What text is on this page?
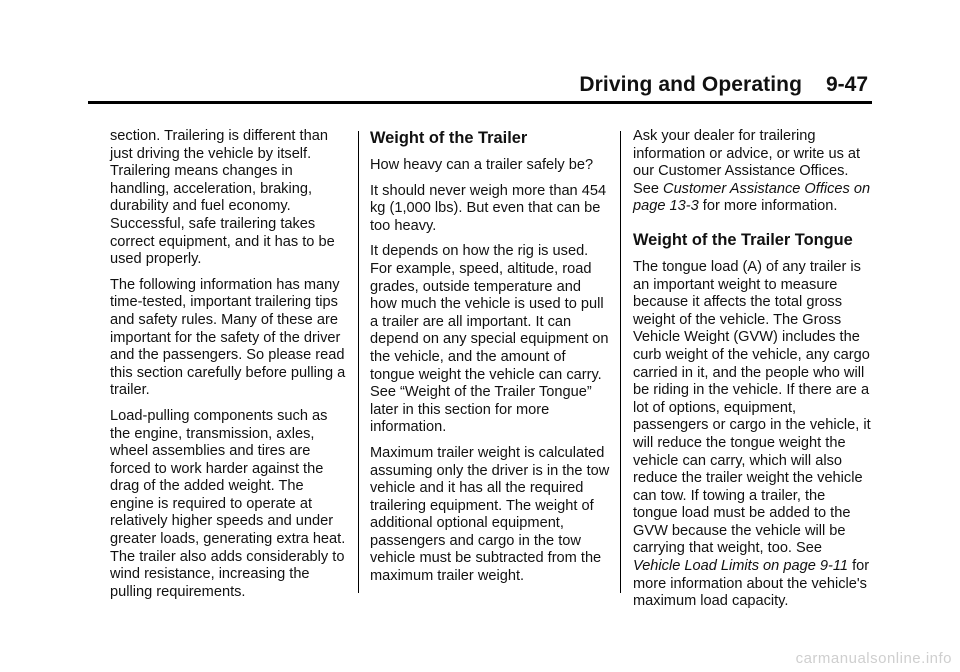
Driving and Operating 9-47

section. Trailering is different than just driving the vehicle by itself. Trailering means changes in handling, acceleration, braking, durability and fuel economy. Successful, safe trailering takes correct equipment, and it has to be used properly.

The following information has many time-tested, important trailering tips and safety rules. Many of these are important for the safety of the driver and the passengers. So please read this section carefully before pulling a trailer.

Load-pulling components such as the engine, transmission, axles, wheel assemblies and tires are forced to work harder against the drag of the added weight. The engine is required to operate at relatively higher speeds and under greater loads, generating extra heat. The trailer also adds considerably to wind resistance, increasing the pulling requirements.

Weight of the Trailer

How heavy can a trailer safely be?

It should never weigh more than 454 kg (1,000 lbs). But even that can be too heavy.

It depends on how the rig is used. For example, speed, altitude, road grades, outside temperature and how much the vehicle is used to pull a trailer are all important. It can depend on any special equipment on the vehicle, and the amount of tongue weight the vehicle can carry. See “Weight of the Trailer Tongue” later in this section for more information.

Maximum trailer weight is calculated assuming only the driver is in the tow vehicle and it has all the required trailering equipment. The weight of additional optional equipment, passengers and cargo in the tow vehicle must be subtracted from the maximum trailer weight.

Ask your dealer for trailering information or advice, or write us at our Customer Assistance Offices. See Customer Assistance Offices on page 13-3 for more information.

Weight of the Trailer Tongue

The tongue load (A) of any trailer is an important weight to measure because it affects the total gross weight of the vehicle. The Gross Vehicle Weight (GVW) includes the curb weight of the vehicle, any cargo carried in it, and the people who will be riding in the vehicle. If there are a lot of options, equipment, passengers or cargo in the vehicle, it will reduce the tongue weight the vehicle can carry, which will also reduce the trailer weight the vehicle can tow. If towing a trailer, the tongue load must be added to the GVW because the vehicle will be carrying that weight, too. See Vehicle Load Limits on page 9-11 for more information about the vehicle's maximum load capacity.

carmanualsonline.info
